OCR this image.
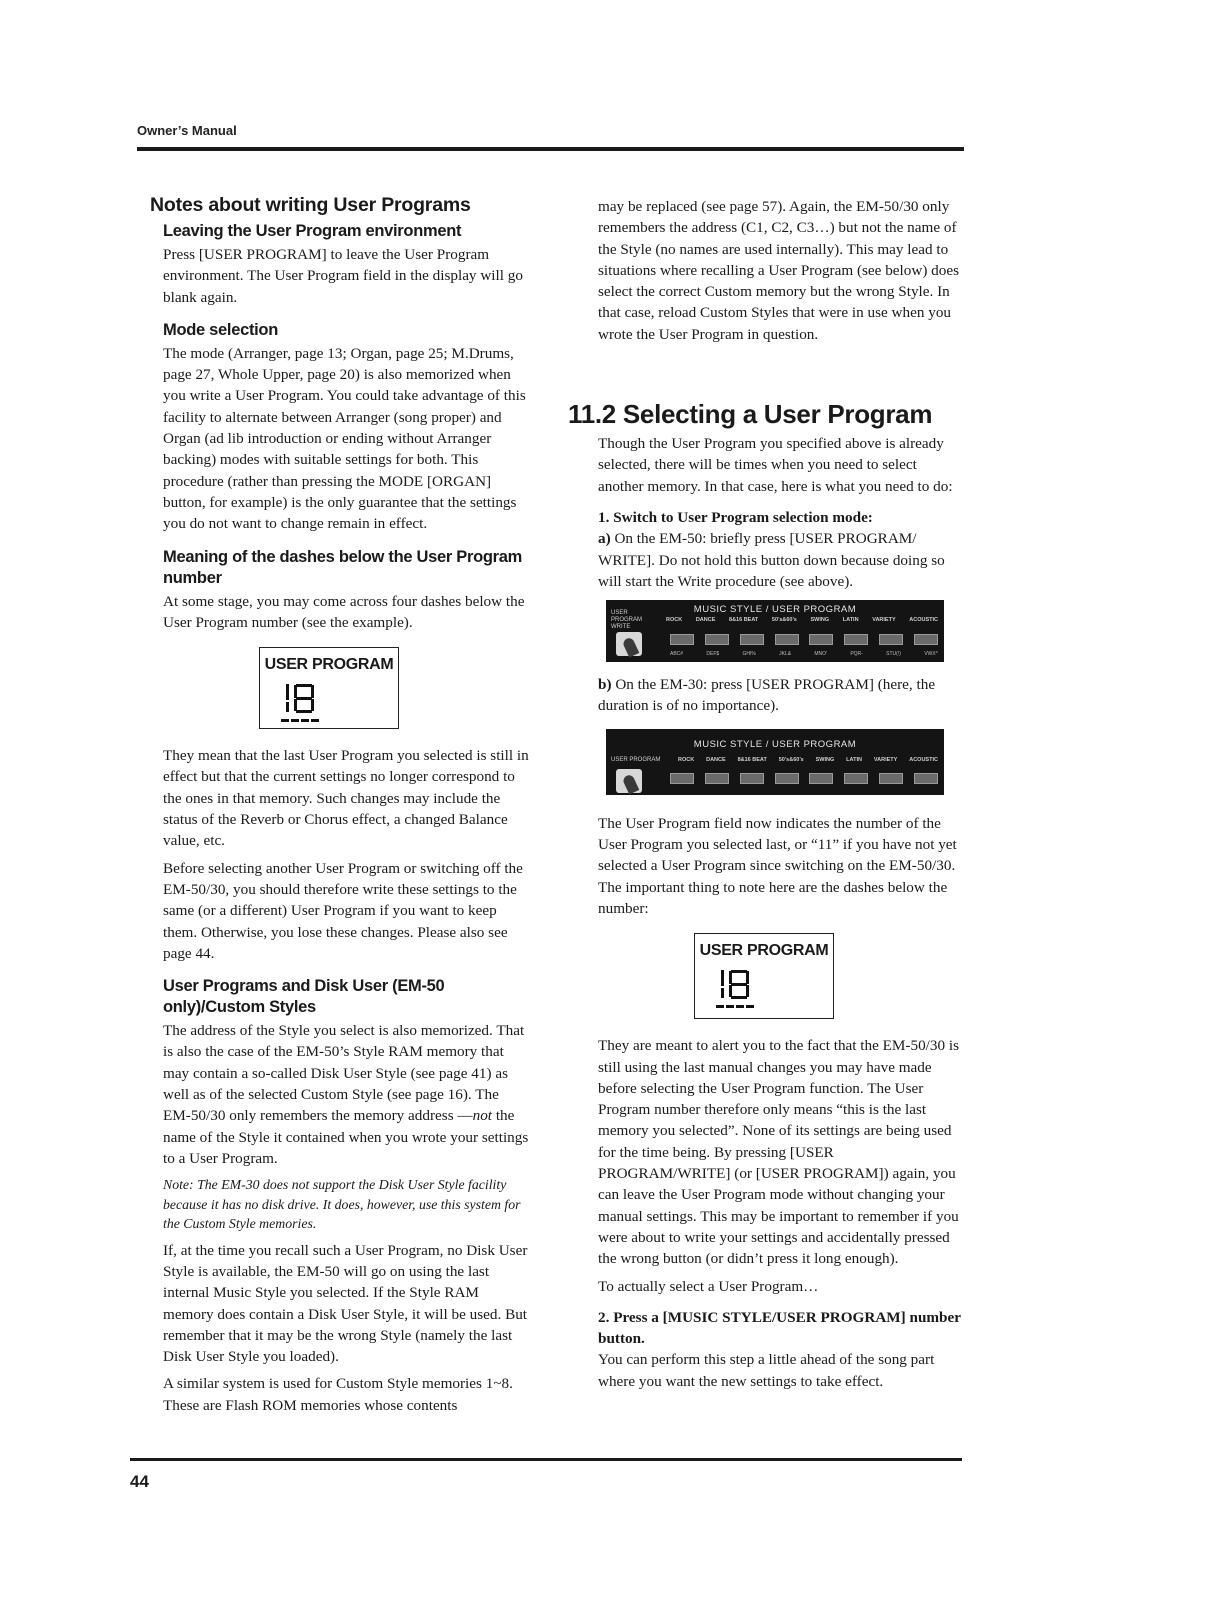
Owner’s Manual
Notes about writing User Programs
Leaving the User Program environment

Press [USER PROGRAM] to leave the User Program environment. The User Program field in the display will go blank again.

Mode selection

The mode (Arranger, page 13; Organ, page 25; M.Drums, page 27, Whole Upper, page 20) is also memorized when you write a User Program. You could take advantage of this facility to alternate between Arranger (song proper) and Organ (ad lib introduction or ending without Arranger backing) modes with suitable settings for both. This procedure (rather than pressing the MODE [ORGAN] button, for example) is the only guarantee that the settings you do not want to change remain in effect.

Meaning of the dashes below the User Program number

At some stage, you may come across four dashes below the User Program number (see the example).

USER PROGRAM

They mean that the last User Program you selected is still in effect but that the current settings no longer correspond to the ones in that memory. Such changes may include the status of the Reverb or Chorus effect, a changed Balance value, etc.

Before selecting another User Program or switching off the EM-50/30, you should therefore write these settings to the same (or a different) User Program if you want to keep them. Otherwise, you lose these changes. Please also see page 44.

User Programs and Disk User (EM-50 only)/Custom Styles

The address of the Style you select is also memorized. That is also the case of the EM-50’s Style RAM memory that may contain a so-called Disk User Style (see page 41) as well as of the selected Custom Style (see page 16). The EM-50/30 only remembers the memory address —not the name of the Style it contained when you wrote your settings to a User Program.

Note: The EM-30 does not support the Disk User Style facility because it has no disk drive. It does, however, use this system for the Custom Style memories.

If, at the time you recall such a User Program, no Disk User Style is available, the EM-50 will go on using the last internal Music Style you selected. If the Style RAM memory does contain a Disk User Style, it will be used. But remember that it may be the wrong Style (namely the last Disk User Style you loaded).

A similar system is used for Custom Style memories 1~8. These are Flash ROM memories whose contents

may be replaced (see page 57). Again, the EM-50/30 only remembers the address (C1, C2, C3…) but not the name of the Style (no names are used internally). This may lead to situations where recalling a User Program (see below) does select the correct Custom memory but the wrong Style. In that case, reload Custom Styles that were in use when you wrote the User Program in question.

11.2 Selecting a User Program

Though the User Program you specified above is already selected, there will be times when you need to select another memory. In that case, here is what you need to do:

1. Switch to User Program selection mode:

a) On the EM-50: briefly press [USER PROGRAM/ WRITE]. Do not hold this button down because doing so will start the Write procedure (see above).

MUSIC STYLE / USER PROGRAM
USER PROGRAM WRITE
ROCK DANCE 8&16 BEAT 50’s&60’s SWING LATIN VARIETY ACOUSTIC
ABC#	DEF$	GHI%	JKL&	MNO'	PQR-	STU(!)	VWX^

b) On the EM-30: press [USER PROGRAM] (here, the duration is of no importance).

MUSIC STYLE / USER PROGRAM
USER PROGRAM	ROCK DANCE 8&16 BEAT 50’s&60’s SWING LATIN VARIETY ACOUSTIC

The User Program field now indicates the number of the User Program you selected last, or “11” if you have not yet selected a User Program since switching on the EM-50/30. The important thing to note here are the dashes below the number:

USER PROGRAM

They are meant to alert you to the fact that the EM-50/30 is still using the last manual changes you may have made before selecting the User Program function. The User Program number therefore only means “this is the last memory you selected”. None of its settings are being used for the time being. By pressing [USER PROGRAM/WRITE] (or [USER PROGRAM]) again, you can leave the User Program mode without changing your manual settings. This may be important to remember if you were about to write your settings and accidentally pressed the wrong button (or didn’t press it long enough).

To actually select a User Program…

2. Press a [MUSIC STYLE/USER PROGRAM] number button.

You can perform this step a little ahead of the song part where you want the new settings to take effect.

44
